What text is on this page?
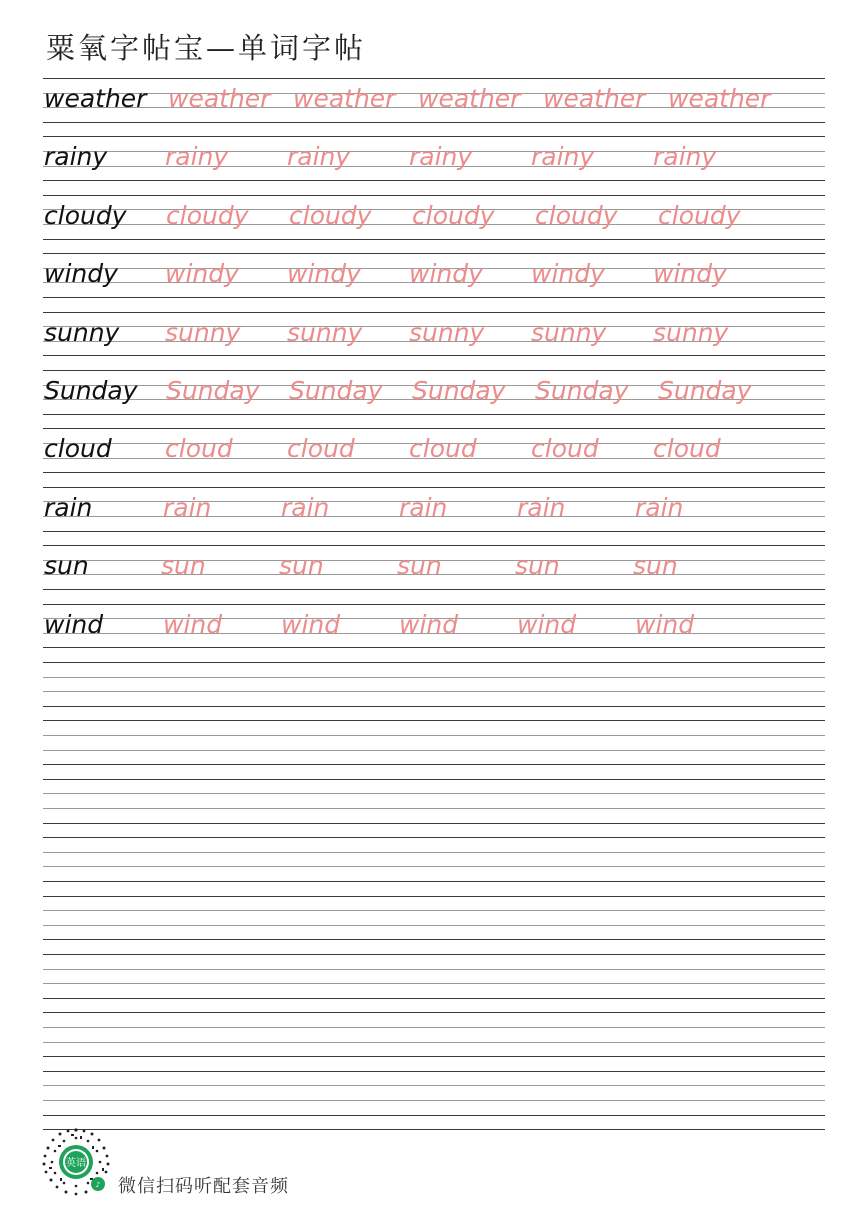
粟氧字帖宝—单词字帖
weather weather weather weather weather weather
rainy rainy rainy rainy rainy rainy
cloudy cloudy cloudy cloudy cloudy cloudy
windy windy windy windy windy windy
sunny sunny sunny sunny sunny sunny
Sunday Sunday Sunday Sunday Sunday Sunday
cloud cloud cloud cloud cloud cloud
rain	rain	rain	rain	rain	rain
sun	sun	sun	sun	sun	sun
wind wind wind wind wind wind
英语
♪ 微信扫码听配套音频
